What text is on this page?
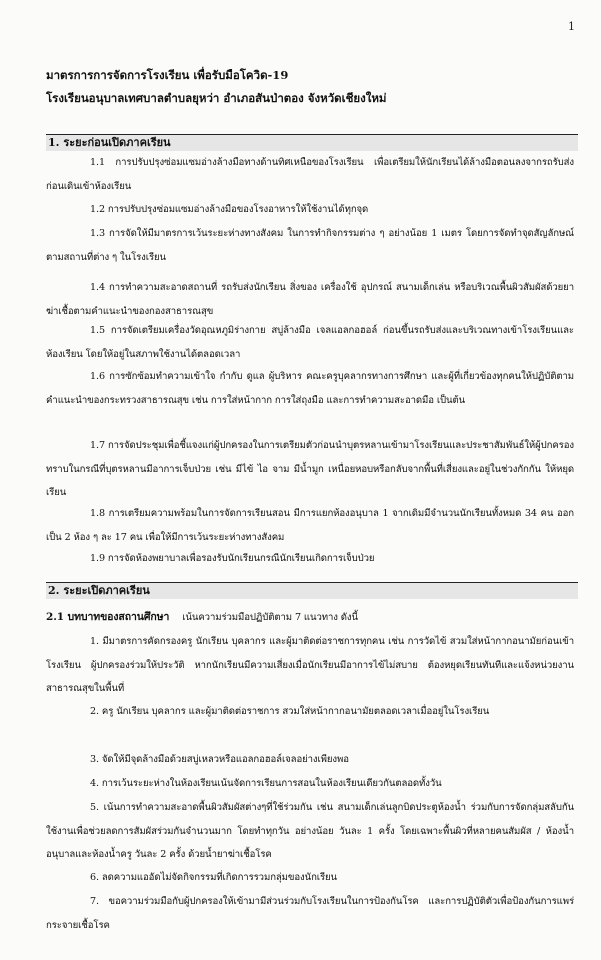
1
มาตรการการจัดการโรงเรียน เพื่อรับมือโควิด-19
โรงเรียนอนุบาลเทศบาลตำบลยุหว่า อำเภอสันป่าตอง จังหวัดเชียงใหม่
1. ระยะก่อนเปิดภาคเรียน
1.1 การปรับปรุงซ่อมแซมอ่างล้างมือทางด้านทิศเหนือของโรงเรียน เพื่อเตรียมให้นักเรียนได้ล้างมือตอนลงจากรถรับส่งก่อนเดินเข้าห้องเรียน
1.2 การปรับปรุงซ่อมแซมอ่างล้างมือของโรงอาหารให้ใช้งานได้ทุกจุด
1.3 การจัดให้มีมาตรการเว้นระยะห่างทางสังคม ในการทำกิจกรรมต่าง ๆ อย่างน้อย 1 เมตร โดยการจัดทำจุดสัญลักษณ์ตามสถานที่ต่าง ๆ ในโรงเรียน
1.4 การทำความสะอาดสถานที่ รถรับส่งนักเรียน สิ่งของ เครื่องใช้ อุปกรณ์ สนามเด็กเล่น หรือบริเวณพื้นผิวสัมผัสด้วยยาฆ่าเชื้อตามคำแนะนำของกองสาธารณสุข
1.5 การจัดเตรียมเครื่องวัดอุณหภูมิร่างกาย สบู่ล้างมือ เจลแอลกอฮอล์ ก่อนขึ้นรถรับส่งและบริเวณทางเข้าโรงเรียนและห้องเรียน โดยให้อยู่ในสภาพใช้งานได้ตลอดเวลา
1.6 การซักซ้อมทำความเข้าใจ กำกับ ดูแล ผู้บริหาร คณะครูบุคลากรทางการศึกษา และผู้ที่เกี่ยวข้องทุกคนให้ปฏิบัติตามคำแนะนำของกระทรวงสาธารณสุข เช่น การใส่หน้ากาก การใส่ถุงมือ และการทำความสะอาดมือ เป็นต้น
1.7 การจัดประชุมเพื่อชี้แจงแก่ผู้ปกครองในการเตรียมตัวก่อนนำบุตรหลานเข้ามาโรงเรียนและประชาสัมพันธ์ให้ผู้ปกครองทราบในกรณีที่บุตรหลานมีอาการเจ็บป่วย เช่น มีไข้ ไอ จาม มีน้ำมูก เหนื่อยหอบหรือกลับจากพื้นที่เสี่ยงและอยู่ในช่วงกักกัน ให้หยุดเรียน
1.8 การเตรียมความพร้อมในการจัดการเรียนสอน มีการแยกห้องอนุบาล 1 จากเดิมมีจำนวนนักเรียนทั้งหมด 34 คน ออกเป็น 2 ห้อง ๆ ละ 17 คน เพื่อให้มีการเว้นระยะห่างทางสังคม
1.9 การจัดห้องพยาบาลเพื่อรองรับนักเรียนกรณีนักเรียนเกิดการเจ็บป่วย
2. ระยะเปิดภาคเรียน
2.1 บทบาทของสถานศึกษา เน้นความร่วมมือปฏิบัติตาม 7 แนวทาง ดังนี้
1. มีมาตรการคัดกรองครู นักเรียน บุคลากร และผู้มาติดต่อราชการทุกคน เช่น การวัดไข้ สวมใส่หน้ากากอนามัยก่อนเข้าโรงเรียน ผู้ปกครองร่วมให้ประวัติ หากนักเรียนมีความเสี่ยงเมื่อนักเรียนมีอาการไข้ไม่สบาย ต้องหยุดเรียนทันทีและแจ้งหน่วยงานสาธารณสุขในพื้นที่
2. ครู นักเรียน บุคลากร และผู้มาติดต่อราชการ สวมใส่หน้ากากอนามัยตลอดเวลาเมื่ออยู่ในโรงเรียน
3. จัดให้มีจุดล้างมือด้วยสบู่เหลวหรือแอลกอฮอล์เจลอย่างเพียงพอ
4. การเว้นระยะห่างในห้องเรียนเน้นจัดการเรียนการสอนในห้องเรียนเดียวกันตลอดทั้งวัน
5. เน้นการทำความสะอาดพื้นผิวสัมผัสต่างๆที่ใช้ร่วมกัน เช่น สนามเด็กเล่นลูกบิดประตูห้องน้ำ ร่วมกับการจัดกลุ่มสลับกันใช้งานเพื่อช่วยลดการสัมผัสร่วมกันจำนวนมาก โดยทำทุกวัน อย่างน้อย วันละ 1 ครั้ง โดยเฉพาะพื้นผิวที่หลายคนสัมผัส / ห้องน้ำอนุบาลและห้องน้ำครู วันละ 2 ครั้ง ด้วยน้ำยาฆ่าเชื้อโรค
6. ลดความแออัดไม่จัดกิจกรรมที่เกิดการรวมกลุ่มของนักเรียน
7. ขอความร่วมมือกับผู้ปกครองให้เข้ามามีส่วนร่วมกับโรงเรียนในการป้องกันโรค และการปฏิบัติตัวเพื่อป้องกันการแพร่กระจายเชื้อโรค
